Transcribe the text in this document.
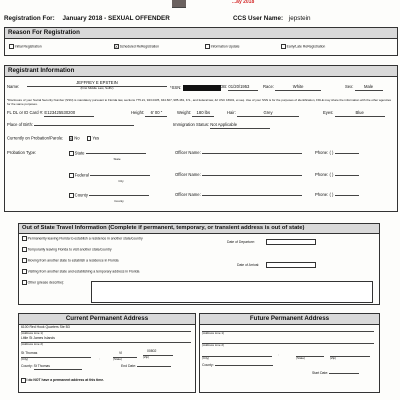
...ay 2018
Registration For: January 2018 - SEXUAL OFFENDER	CCS User Name: jepstein
Reason For Registration
Initial Registration	X Scheduled ReRegistration	Information Update	Early/Late ReRegistration
Registrant Information
Name:
JEFFREY E EPSTEIN
(First Middle Last, Suffix)	*SSN:	DOB: 01/20/1953	Race:	White	Sex:	Male
*Disclosure of your Social Security Number (SSN) is mandatory pursuant to Florida law, sections 775.21, 943.0435, 944.607, 985.481, F.S., and federal law, 42 USC 16901, et seq. Use of your SSN is for the purposes of identification, FDLE may share the information with the other agencies for the same purposes.
FL DL or ID Card #: E123425530200	Height: 6' 00 "	Weight: 180 lbs	Hair:	Grey	Eyes:	Blue
Place of Birth:	Immigration Status: Not Applicable
Currently on Probation/Parole: X No	Yes
Probation Type:	State
State
Officer Name:	Phone: ( )
Federal
City
Officer Name:	Phone: ( )
County
County
Officer Name:	Phone: ( )
Out of State Travel Information (Complete if permanent, temporary, or transient address is out of state)
Permanently leaving Florida to establish a residence in another state/country
Temporarily leaving Florida to visit another state/country
Moving from another state to establish a residence in Florida
Visiting from another state and establishing a temporary address in Florida
Other (please describe):
Date of Departure:
Date of Arrival:
Current Permanent Address
6100 Red Hook Quarters Ste B3
(Address Line 1)
Little St James Islands
(Address Line 2)
St Thomas
(City)	,
VI
(State)
00802
(Zip)
County: St Thomas	End Date:
I do NOT have a permanent address at this time.
Future Permanent Address
(Address Line 1)
(Address Line 2)
(City)
,
(State)	(Zip)
County:
Start Date:
